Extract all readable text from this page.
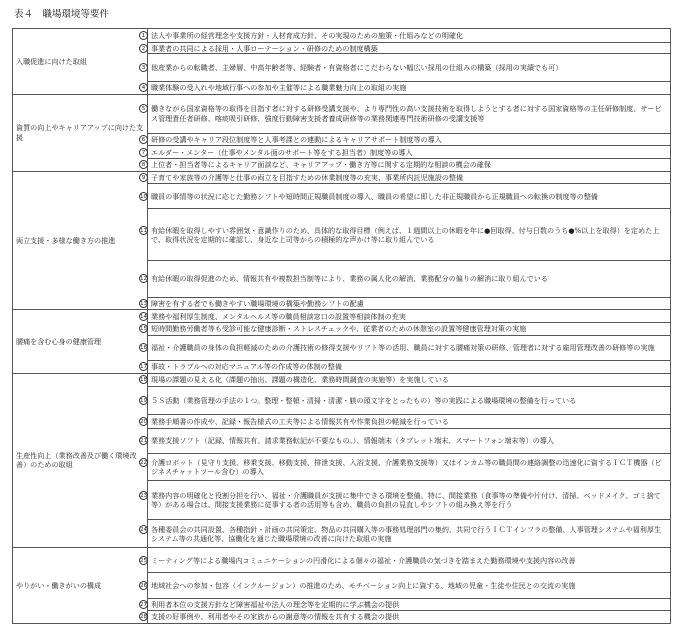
表４　職場環境等要件
入職促進に向けた取組	1 法人や事業所の経営理念や支援方針・人材育成方針、その実現のための施策・仕組みなどの明確化
	2 事業者の共同による採用・人事ローテーション・研修のための制度構築
	3 他産業からの転職者、主婦層、中高年齢者等、経験者・有資格者にこだわらない幅広い採用の仕組みの構築（採用の実績でも可）
	4 職業体験の受入れや地域行事への参加や主催等による職業魅力向上の取組の実施
資質の向上やキャリアアップに向けた支援	5 働きながら国家資格等の取得を目指す者に対する研修受講支援や、より専門性の高い支援技術を取得しようとする者に対する国家資格等の主任研修制度、サービス管理責任者研修、喀痰吸引研修、強度行動障害支援者養成研修等の業務関連専門技術研修の受講支援等
	6 研修の受講やキャリア段位制度等と人事考課との連動によるキャリアサポート制度等の導入
	7 エルダー・メンター（仕事やメンタル面のサポート等をする担当者）制度等の導入
	8 上位者・担当者等によるキャリア面談など、キャリアアップ・働き方等に関する定期的な相談の機会の確保
両立支援・多様な働き方の推進	9 子育てや家族等の介護等と仕事の両立を目指すための休業制度等の充実、事業所内託児施設の整備
	10 職員の事情等の状況に応じた勤務シフトや短時間正規職員制度の導入、職員の希望に即した非正規職員から正規職員への転換の制度等の整備
	11 有給休暇を取得しやすい雰囲気・意識作りのため、具体的な取得目標（例えば、１週間以上の休暇を年に●回取得、付与日数のうち●%以上を取得）を定めた上で、取得状況を定期的に確認し、身近な上司等からの積極的な声かけ等に取り組んでいる
	12 有給休暇の取得促進のため、情報共有や複数担当制等により、業務の属人化の解消、業務配分の偏りの解消に取り組んでいる
	13 障害を有する者でも働きやすい職場環境の構築や勤務シフトの配慮
腰痛を含む心身の健康管理	14 業務や福利厚生制度、メンタルヘルス等の職員相談窓口の設置等相談体制の充実
	15 短時間勤務労働者等も受診可能な健康診断・ストレスチェックや、従業者のための休憩室の設置等健康管理対策の実施
	16 福祉・介護職員の身体の負担軽減のための介護技術の修得支援やリフト等の活用、職員に対する腰痛対策の研修、管理者に対する雇用管理改善の研修等の実施
	17 事故・トラブルへの対応マニュアル等の作成等の体制の整備
生産性向上（業務改善及び働く環境改善）のための取組	18 現場の課題の見える化（課題の抽出、課題の構造化、業務時間調査の実施等）を実施している
	19 ５Ｓ活動（業務管理の手法の１つ。整理・整頓・清掃・清潔・躾の頭文字をとったもの）等の実践による職場環境の整備を行っている
	20 業務手順書の作成や、記録・報告様式の工夫等による情報共有や作業負担の軽減を行っている
	21 業務支援ソフト（記録、情報共有、請求業務転記が不要なもの。）、情報端末（タブレット端末、スマートフォン端末等）の導入
	22 介護ロボット（見守り支援、移乗支援、移動支援、排泄支援、入浴支援、介護業務支援等）又はインカム等の職員間の連絡調整の迅速化に資するＩＣＴ機器（ビジネスチャットツール含む）の導入
	23 業務内容の明確化と役割分担を行い、福祉・介護職員が支援に集中できる環境を整備。特に、間接業務（食事等の準備や片付け、清掃、ベッドメイク、ゴミ捨て等）がある場合は、間接支援業務に従事する者の活用等も含め、職員の負担の見直しやシフトの組み換え等を行う
	24 各種委員会の共同設置、各種指針・計画の共同策定、物品の共同購入等の事務処理部門の集約、共同で行うＩＣＴインフラの整備、人事管理システムや福利厚生システム等の共通化等、協働化を通じた職場環境の改善に向けた取組の実施
やりがい・働きがいの構成	25 ミーティング等による職場内コミュニケーションの円滑化による個々の福祉・介護職員の気づきを踏まえた勤務環境や支援内容の改善
	26 地域社会への参加・包容（インクルージョン）の推進のため、モチベーション向上に資する、地域の児童・生徒や住民との交流の実施
	27 利用者本位の支援方針など障害福祉や法人の理念等を定期的に学ぶ機会の提供
	28 支援の好事例や、利用者やその家族からの謝意等の情報を共有する機会の提供
